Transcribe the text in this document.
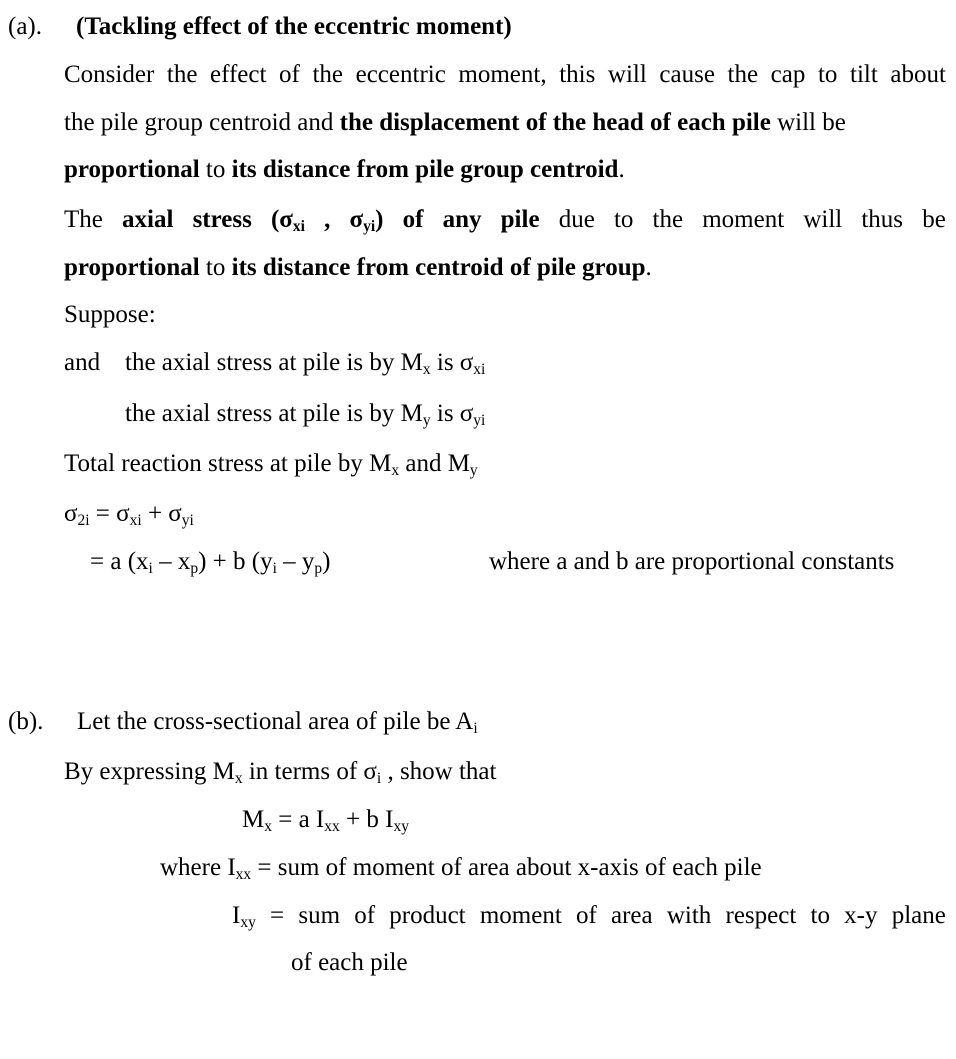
(a). (Tackling effect of the eccentric moment)
Consider the effect of the eccentric moment, this will cause the cap to tilt about
the pile group centroid and the displacement of the head of each pile will be
proportional to its distance from pile group centroid.
The axial stress ($\sigma_{xi}$ , $\sigma_{yi}$) of any pile due to the moment will thus be
proportional to its distance from centroid of pile group.
Suppose:
and the axial stress at pile is by $M_x$ is $\sigma_{xi}$
the axial stress at pile is by $M_y$ is $\sigma_{yi}$
Total reaction stress at pile by $M_x$ and $M_y$
$\sigma_{2i} = \sigma_{xi} + \sigma_{yi}$
= a $(x_i - x_p) + b$ $(y_i - y_p)$	where a and b are proportional constants
(b). Let the cross-sectional area of pile be $A_i$
By expressing $M_x$ in terms of $\sigma_i$ , show that
$M_x = a$ $I_{xx} + b$ $I_{xy}$
where $I_{xx}$ = sum of moment of area about x-axis of each pile
$I_{xy}$ = sum of product moment of area with respect to x-y plane
of each pile
